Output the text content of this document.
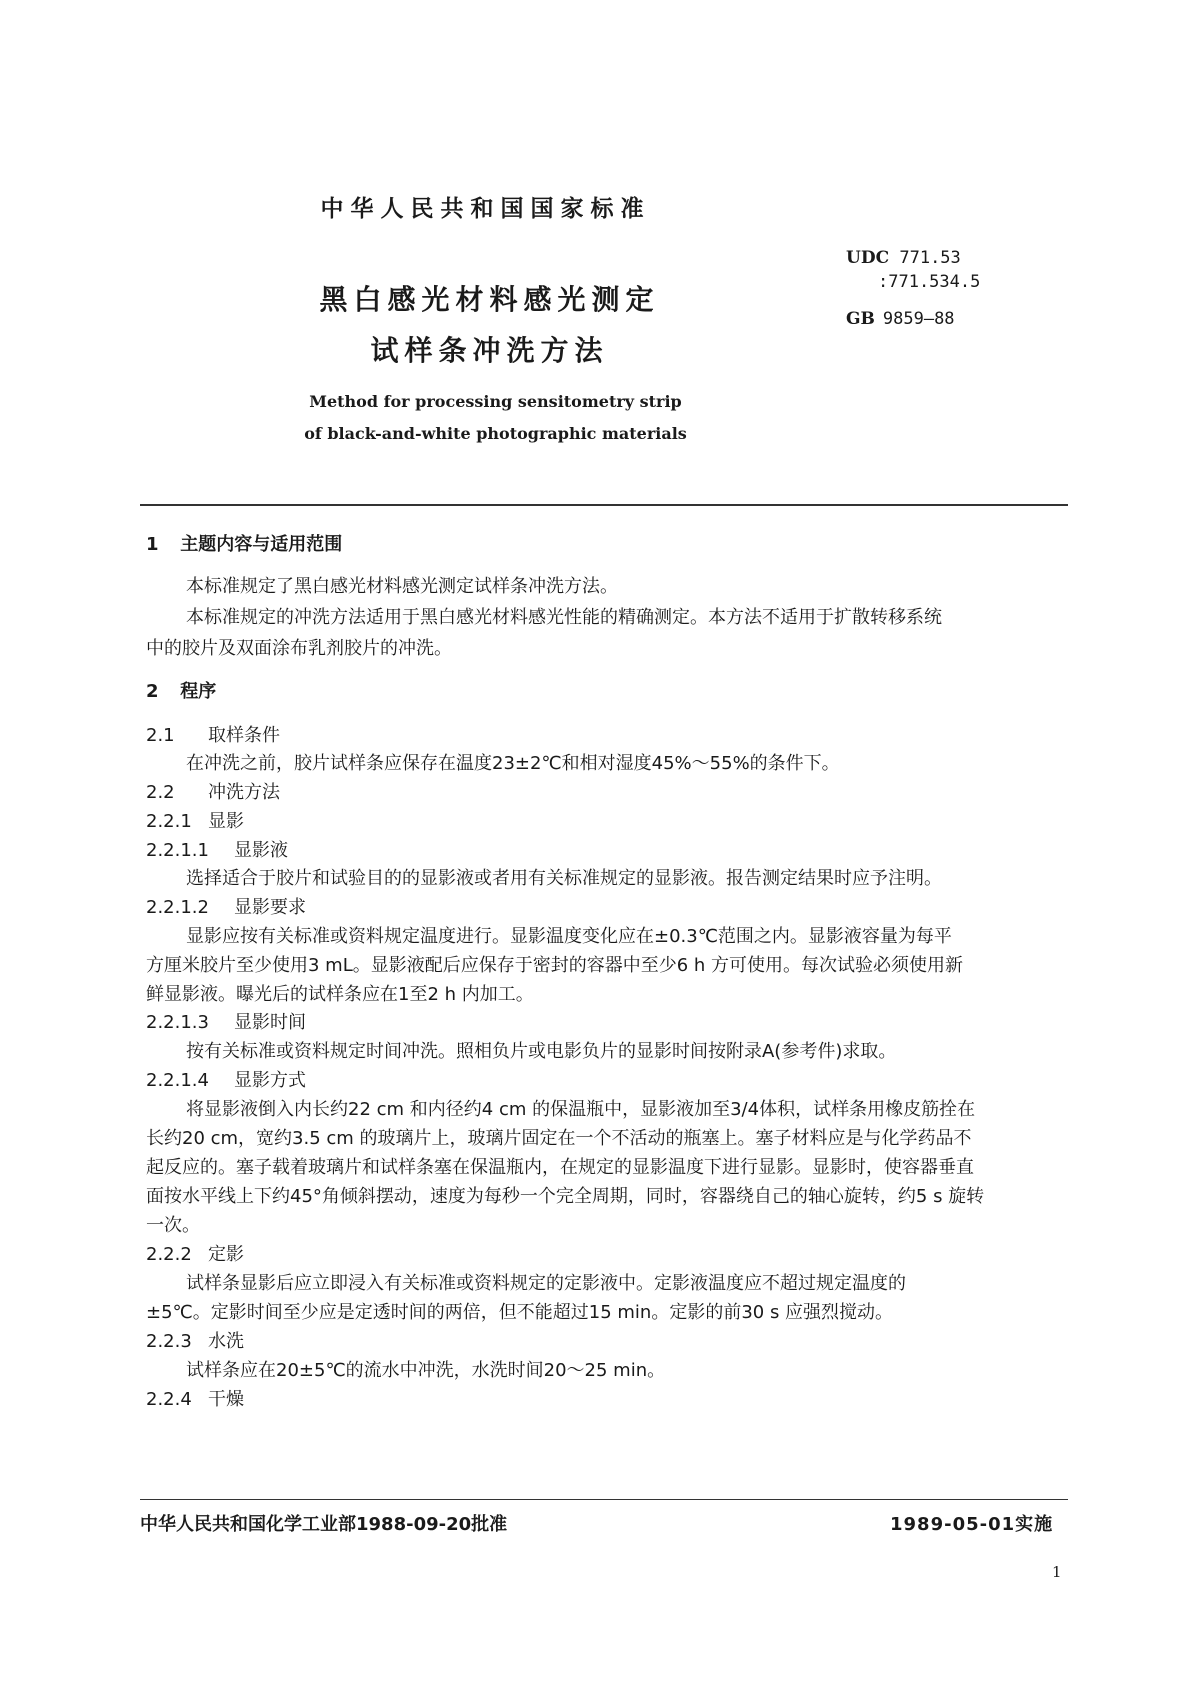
中华人民共和国国家标准
UDC 771.53
:771.534.5
GB 9859—88
黑白感光材料感光测定
试样条冲洗方法
Method for processing sensitometry strip
of black-and-white photographic materials
1 主题内容与适用范围
本标准规定了黑白感光材料感光测定试样条冲洗方法。
本标准规定的冲洗方法适用于黑白感光材料感光性能的精确测定。本方法不适用于扩散转移系统
中的胶片及双面涂布乳剂胶片的冲洗。
2 程序
2.1 取样条件
在冲洗之前，胶片试样条应保存在温度23±2℃和相对湿度45%～55%的条件下。
2.2 冲洗方法
2.2.1 显影
2.2.1.1 显影液
选择适合于胶片和试验目的的显影液或者用有关标准规定的显影液。报告测定结果时应予注明。
2.2.1.2 显影要求
显影应按有关标准或资料规定温度进行。显影温度变化应在±0.3℃范围之内。显影液容量为每平
方厘米胶片至少使用3 mL。显影液配后应保存于密封的容器中至少6 h 方可使用。每次试验必须使用新
鲜显影液。曝光后的试样条应在1至2 h 内加工。
2.2.1.3 显影时间
按有关标准或资料规定时间冲洗。照相负片或电影负片的显影时间按附录A(参考件)求取。
2.2.1.4 显影方式
将显影液倒入内长约22 cm 和内径约4 cm 的保温瓶中，显影液加至3/4体积，试样条用橡皮筋拴在
长约20 cm，宽约3.5 cm 的玻璃片上，玻璃片固定在一个不活动的瓶塞上。塞子材料应是与化学药品不
起反应的。塞子载着玻璃片和试样条塞在保温瓶内，在规定的显影温度下进行显影。显影时，使容器垂直
面按水平线上下约45°角倾斜摆动，速度为每秒一个完全周期，同时，容器绕自己的轴心旋转，约5 s 旋转
一次。
2.2.2 定影
试样条显影后应立即浸入有关标准或资料规定的定影液中。定影液温度应不超过规定温度的
±5℃。定影时间至少应是定透时间的两倍，但不能超过15 min。定影的前30 s 应强烈搅动。
2.2.3 水洗
试样条应在20±5℃的流水中冲洗，水洗时间20～25 min。
2.2.4 干燥
中华人民共和国化学工业部1988-09-20批准	1989-05-01实施
1
